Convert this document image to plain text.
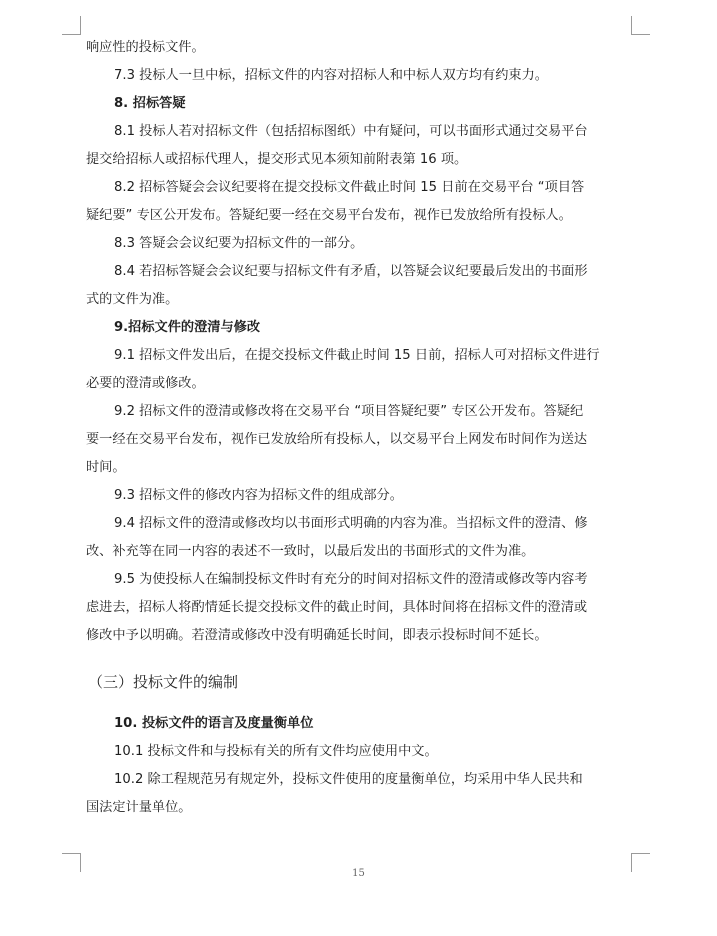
响应性的投标文件。
7.3 投标人一旦中标，招标文件的内容对招标人和中标人双方均有约束力。
8. 招标答疑
8.1 投标人若对招标文件（包括招标图纸）中有疑问，可以书面形式通过交易平台
提交给招标人或招标代理人，提交形式见本须知前附表第 16 项。
8.2 招标答疑会会议纪要将在提交投标文件截止时间 15 日前在交易平台 “项目答
疑纪要” 专区公开发布。答疑纪要一经在交易平台发布，视作已发放给所有投标人。
8.3 答疑会会议纪要为招标文件的一部分。
8.4 若招标答疑会会议纪要与招标文件有矛盾，以答疑会议纪要最后发出的书面形
式的文件为准。
9.招标文件的澄清与修改
9.1 招标文件发出后，在提交投标文件截止时间 15 日前，招标人可对招标文件进行
必要的澄清或修改。
9.2 招标文件的澄清或修改将在交易平台 “项目答疑纪要” 专区公开发布。答疑纪
要一经在交易平台发布，视作已发放给所有投标人，以交易平台上网发布时间作为送达
时间。
9.3 招标文件的修改内容为招标文件的组成部分。
9.4 招标文件的澄清或修改均以书面形式明确的内容为准。当招标文件的澄清、修
改、补充等在同一内容的表述不一致时，以最后发出的书面形式的文件为准。
9.5 为使投标人在编制投标文件时有充分的时间对招标文件的澄清或修改等内容考
虑进去，招标人将酌情延长提交投标文件的截止时间，具体时间将在招标文件的澄清或
修改中予以明确。若澄清或修改中没有明确延长时间，即表示投标时间不延长。
（三）投标文件的编制
10. 投标文件的语言及度量衡单位
10.1 投标文件和与投标有关的所有文件均应使用中文。
10.2 除工程规范另有规定外，投标文件使用的度量衡单位，均采用中华人民共和
国法定计量单位。
15
